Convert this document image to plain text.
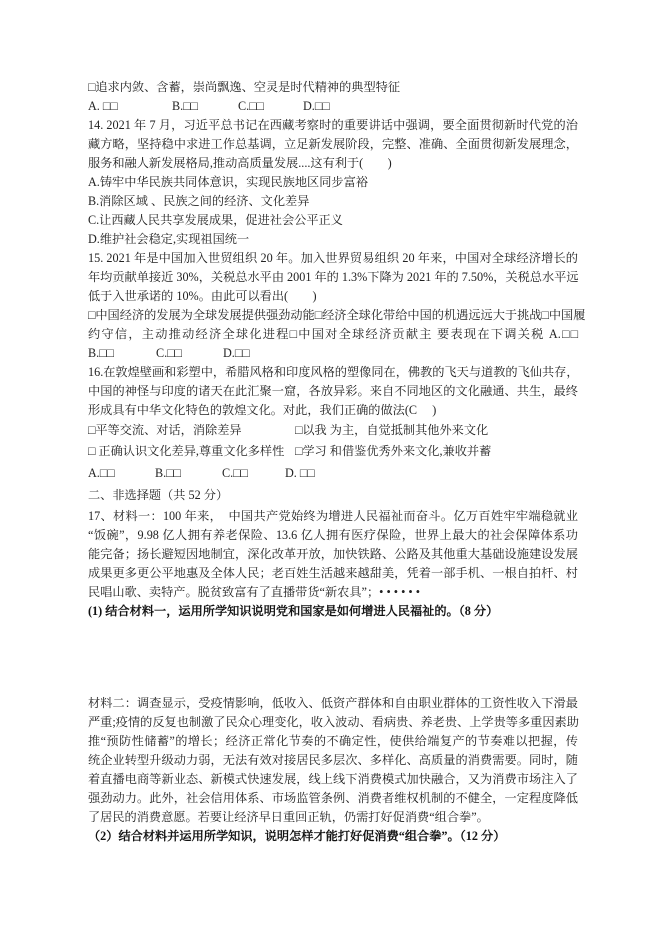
□追求内敛、含蓄，崇尚飘逸、空灵是时代精神的典型特征
A. □□	B.□□	C.□□	D.□□
14. 2021 年 7 月，习近平总书记在西藏考察时的重要讲话中强调，要全面贯彻新时代党的治
藏方略，坚持稳中求进工作总基调，立足新发展阶段，完整、准确、全面贯彻新发展理念，
服务和融人新发展格局,推动高质量发展....这有利于(　　)
A.铸牢中华民族共同体意识，实现民族地区同步富裕
B.消除区域 、民族之间的经济、文化差异
C.让西藏人民共享发展成果，促进社会公平正义
D.维护社会稳定,实现祖国统一
15. 2021 年是中国加入世贸组织 20 年。加入世界贸易组织 20 年来，中国对全球经济增长的
年均贡献单接近 30%，关税总水平由 2001 年的 1.3%下降为 2021 年的 7.50%，关税总水平远
低于入世承诺的 10%。由此可以看出(　　)
□中国经济的发展为全球发展提供强劲动能□经济全球化带给中国的机遇远远大于挑战□中国履
约守信，主动推动经济全球化进程□中国对全球经济贡献主 要表现在下调关税 A.□□
B.□□	C.□□	D.□□
16.在敦煌壁画和彩塑中，希腊风格和印度风格的塑像同在，佛教的飞天与道教的飞仙共存，
中国的神怪与印度的诸天在此汇聚一窟，各放异彩。来自不同地区的文化融通、共生，最终
形成具有中华文化特色的敦煌文化。对此，我们正确的做法(C　 )
□平等交流、对话，消除差异	□以我 为主，自觉抵制其他外来文化
□ 正确认识文化差异,尊重文化多样性 □学习 和借鉴优秀外来文化,兼收并蓄
A.□□	B.□□	C.□□	D. □□
二、非选择题（共 52 分）
17、材料一：100 年来，　中国共产党始终为增进人民福祉而奋斗。亿万百姓牢牢端稳就业
“饭碗”，9.98 亿人拥有养老保险、13.6 亿人拥有医疗保险，世界上最大的社会保障体系功
能完备；扬长避短因地制宜，深化改革开放，加快铁路、公路及其他重大基础设施建设发展
成果更多更公平地惠及全体人民；老百姓生活越来越甜美，凭着一部手机、一根自拍杆、村
民唱山歌、卖特产。脱贫致富有了直播带货“新农具”；• • • • • •
(1) 结合材料一，运用所学知识说明党和国家是如何增进人民福祉的。（8 分）
材料二：调查显示，受疫情影响，低收入、低资产群体和自由职业群体的工资性收入下滑最
严重;疫情的反复也制激了民众心理变化，收入波动、看病贵、养老贵、上学贵等多重因素助
推“预防性储蓄”的增长；经济正常化节奏的不确定性，使供给端复产的节奏难以把握，传
统企业转型升级动力弱，无法有效对接居民多层次、多样化、高质量的消费需要。同时，随
着直播电商等新业态、新模式快速发展，线上线下消费模式加快融合，又为消费市场注入了
强劲动力。此外，社会信用体系、市场监管条例、消费者维权机制的不健全，一定程度降低
了居民的消费意愿。若要让经济早日重回正轨，仍需打好促消费“组合拳”。
（2）结合材料并运用所学知识，说明怎样才能打好促消费“组合拳”。（12 分）
